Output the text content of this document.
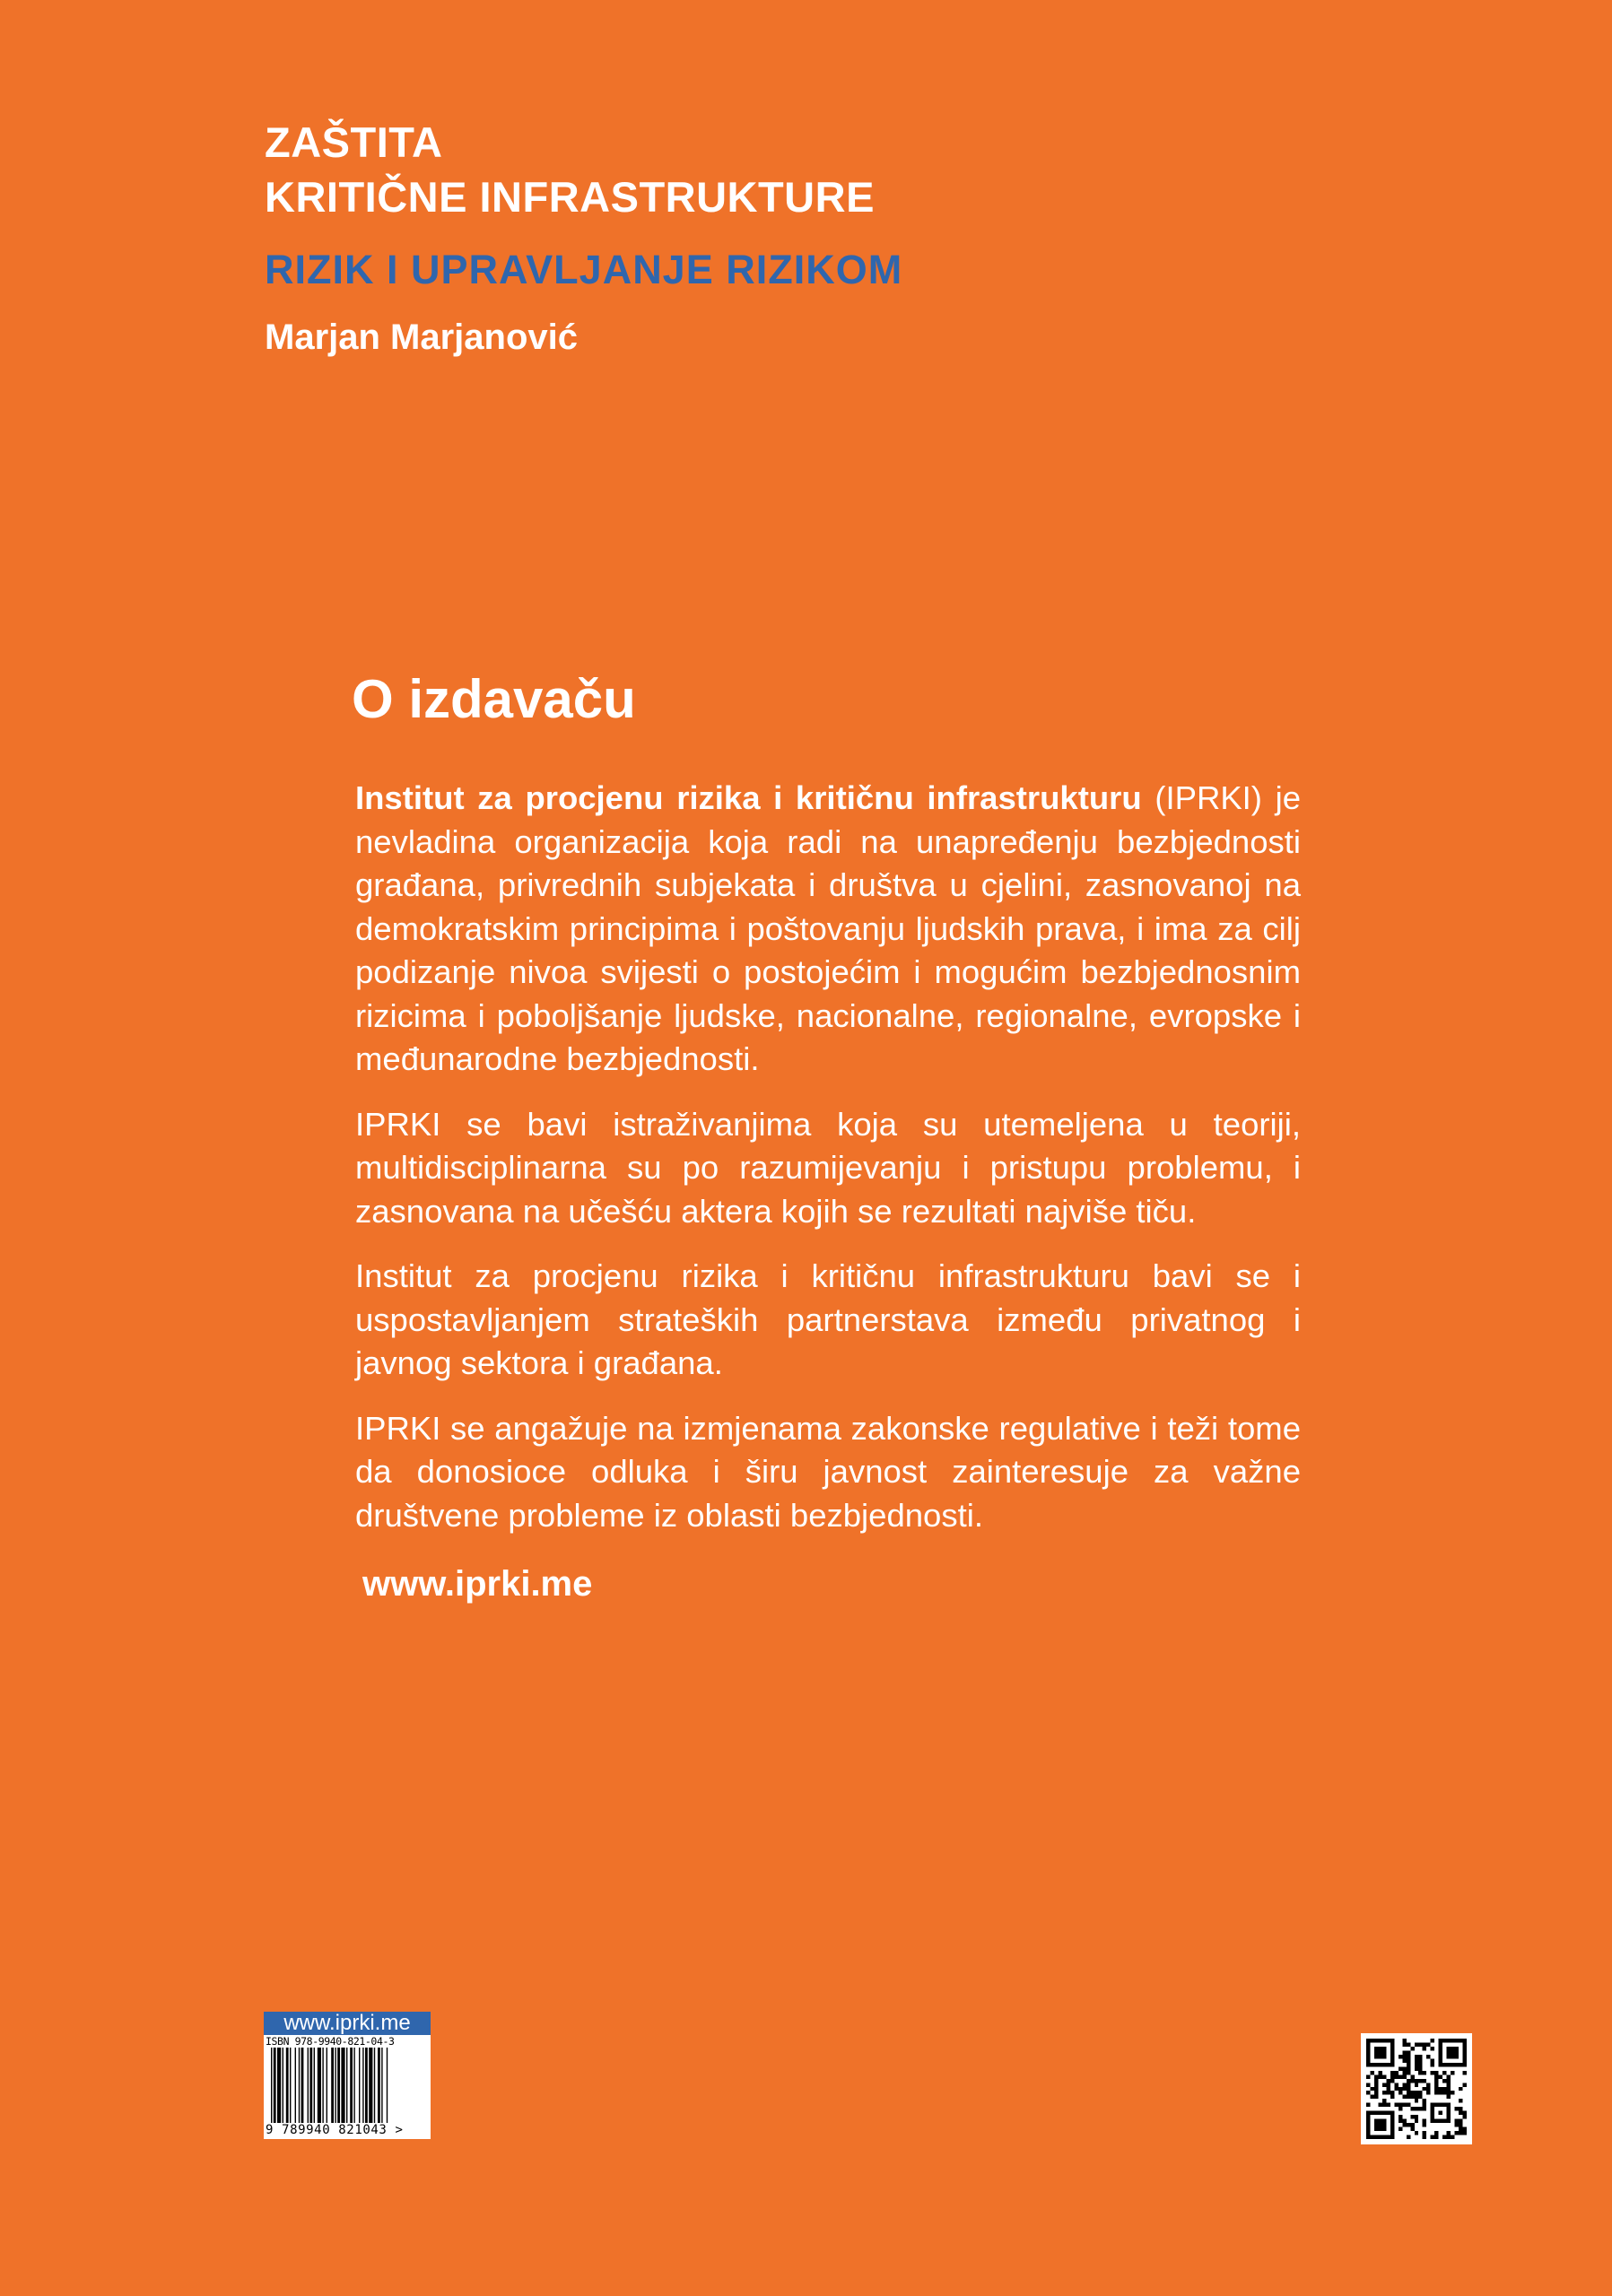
ZAŠTITA
KRITIČNE INFRASTRUKTURE
RIZIK I UPRAVLJANJE RIZIKOM
Marjan Marjanović
O izdavaču

Institut za procjenu rizika i kritičnu infrastrukturu (IPRKI) je nevladina organizacija koja radi na unapređenju bezbjednosti građana, privrednih subjekata i društva u cjelini, zasnovanoj na demokratskim principima i poštovanju ljudskih prava, i ima za cilj podizanje nivoa svijesti o postojećim i mogućim bezbjednosnim rizicima i poboljšanje ljudske, nacionalne, regionalne, evropske i međunarodne bezbjednosti.

IPRKI se bavi istraživanjima koja su utemeljena u teoriji, multidisciplinarna su po razumijevanju i pristupu problemu, i zasnovana na učešću aktera kojih se rezultati najviše tiču.

Institut za procjenu rizika i kritičnu infrastrukturu bavi se i uspostavljanjem strateških partnerstava između privatnog i javnog sektora i građana.

IPRKI se angažuje na izmjenama zakonske regulative i teži tome da donosioce odluka i širu javnost zainteresuje za važne društvene probleme iz oblasti bezbjednosti.

www.iprki.me
www.iprki.me
ISBN 978-9940-821-04-3
9 789940 821043 >
